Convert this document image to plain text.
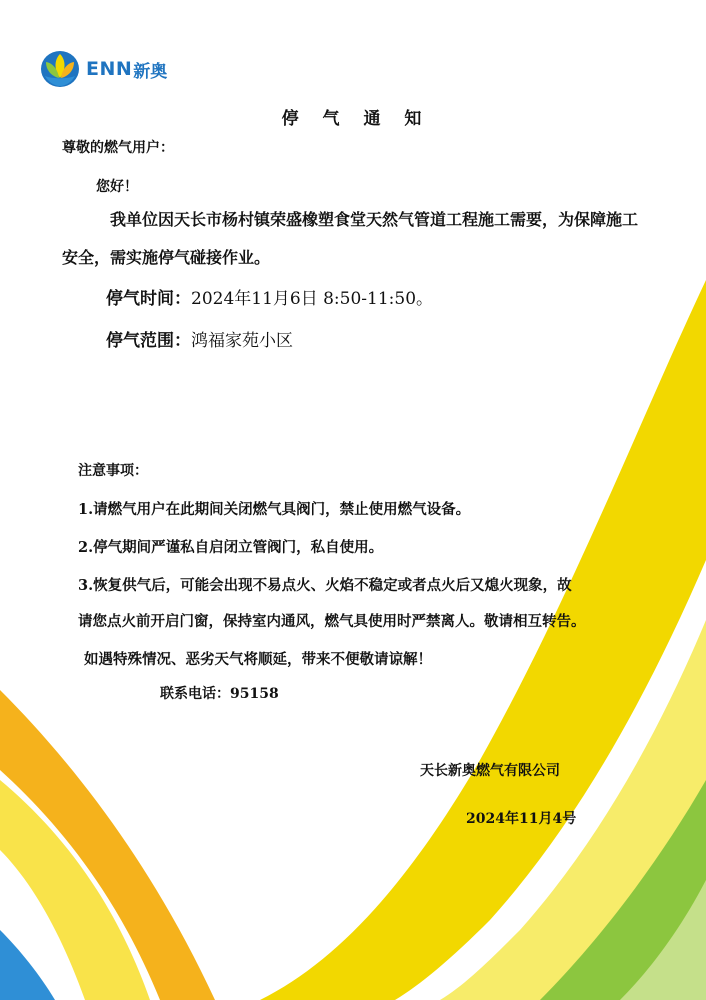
ENN 新奥
停 气 通 知
尊敬的燃气用户：
您好！
我单位因天长市杨村镇荣盛橡塑食堂天然气管道工程施工需要，为保障施工
安全，需实施停气碰接作业。
停气时间：2024年11月6日 8:50-11:50。
停气范围：鸿福家苑小区
注意事项：
1.请燃气用户在此期间关闭燃气具阀门，禁止使用燃气设备。
2.停气期间严谨私自启闭立管阀门，私自使用。
3.恢复供气后，可能会出现不易点火、火焰不稳定或者点火后又熄火现象，故
请您点火前开启门窗，保持室内通风，燃气具使用时严禁离人。敬请相互转告。
如遇特殊情况、恶劣天气将顺延，带来不便敬请谅解！
联系电话：95158
天长新奥燃气有限公司
2024年11月4号
